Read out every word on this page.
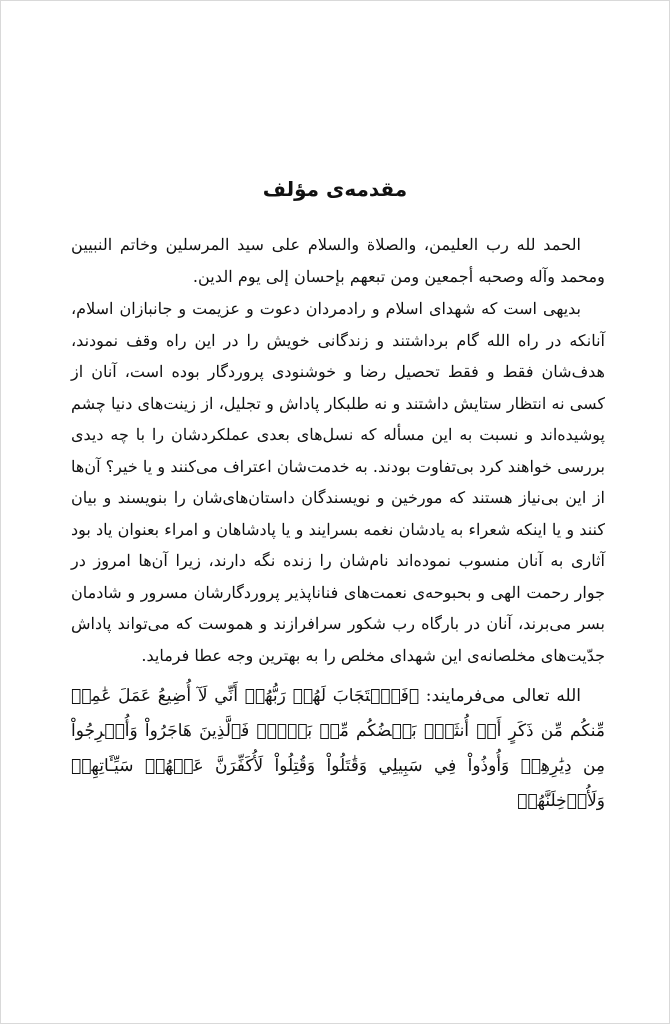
مقدمه‌ی مؤلف

الحمد لله رب العلیمن، والصلاة والسلام علی سید المرسلین وخاتم النبیین ومحمد وآله وصحبه أجمعین ومن تبعهم بإحسان إلی یوم الدین.

بدیهی است که شهدای اسلام و رادمردان دعوت و عزیمت و جانبازان اسلام، آنانکه در راه الله گام برداشتند و زندگانی خویش را در این راه وقف نمودند، هدف‌شان فقط و فقط تحصیل رضا و خوشنودی پروردگار بوده است، آنان از کسی نه انتظار ستایش داشتند و نه طلبکار پاداش و تجلیل، از زینت‌های دنیا چشم پوشیده‌اند و نسبت به این مسأله که نسل‌های بعدی عملکردشان را با چه دیدی بررسی خواهند کرد بی‌تفاوت بودند. به خدمت‌شان اعتراف می‌کنند و یا خیر؟ آن‌ها از این بی‌نیاز هستند که مورخین و نویسندگان داستان‌های‌شان را بنویسند و بیان کنند و یا اینکه شعراء به یادشان نغمه بسرایند و یا پادشاهان و امراء بعنوان یاد بود آثاری به آنان منسوب نموده‌اند نام‌شان را زنده نگه دارند، زیرا آن‌ها امروز در جوار رحمت الهی و بحبوحه‌ی نعمت‌های فناناپذیر پروردگارشان مسرور و شادمان بسر می‌برند، آنان در بارگاه رب شکور سرافرازند و هموست که می‌تواند پاداش جدّیت‌های مخلصانه‌ی این شهدای مخلص را به بهترین وجه عطا فرماید.

الله تعالی می‌فرمایند: ﴿فَٱسۡتَجَابَ لَهُمۡ رَبُّهُمۡ أَنِّي لَآ أُضِيعُ عَمَلَ عَٰمِلٖ مِّنكُم مِّن ذَكَرٍ أَوۡ أُنثَىٰۖ بَعۡضُكُم مِّنۢ بَعۡضٖۖ فَٱلَّذِينَ هَاجَرُواْ وَأُخۡرِجُواْ مِن دِيَٰرِهِمۡ وَأُوذُواْ فِي سَبِيلِي وَقَٰتَلُواْ وَقُتِلُواْ لَأُكَفِّرَنَّ عَنۡهُمۡ سَيِّـَٔاتِهِمۡ وَلَأُدۡخِلَنَّهُمۡ
